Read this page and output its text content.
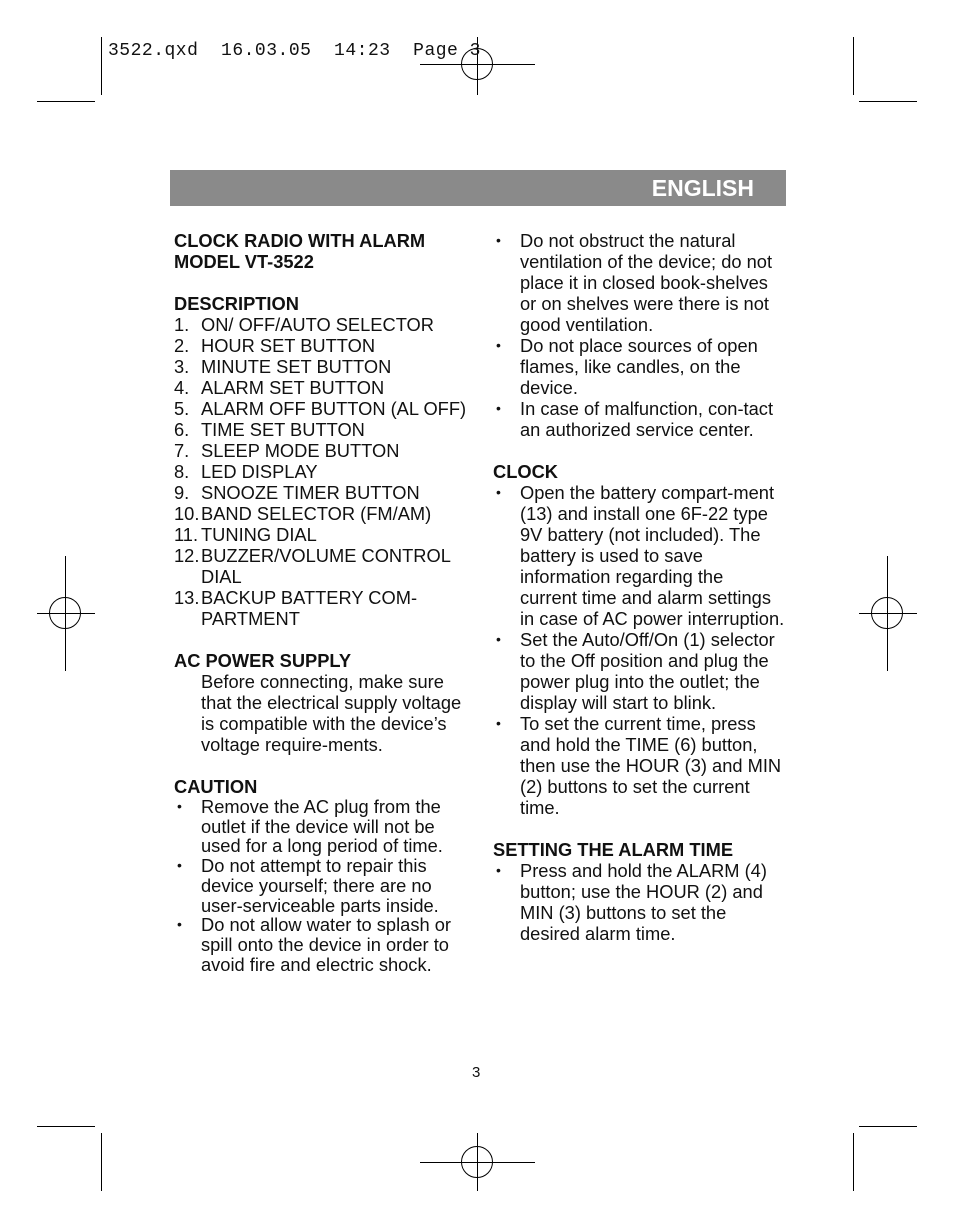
3522.qxd  16.03.05  14:23  Page 3
ENGLISH
CLOCK RADIO WITH ALARM
MODEL VT-3522
DESCRIPTION
1. ON/ OFF/AUTO SELECTOR
2. HOUR SET BUTTON
3. MINUTE SET BUTTON
4. ALARM SET BUTTON
5. ALARM OFF BUTTON (AL OFF)
6. TIME SET BUTTON
7. SLEEP MODE BUTTON
8. LED DISPLAY
9. SNOOZE TIMER BUTTON
10. BAND SELECTOR (FM/AM)
11. TUNING DIAL
12. BUZZER/VOLUME CONTROL DIAL
13. BACKUP BATTERY COM-PARTMENT
AC POWER SUPPLY
Before connecting, make sure that the electrical supply voltage is compatible with the device’s voltage require-ments.
CAUTION
•	Remove the AC plug from the outlet if the device will not be used for a long period of time.
•	Do not attempt to repair this device yourself; there are no user-serviceable parts inside.
•	Do not allow water to splash or spill onto the device in order to avoid fire and electric shock.
•	Do not obstruct the natural ventilation of the device; do not place it in closed book-shelves or on shelves were there is not good ventilation.
•	Do not place sources of open flames, like candles, on the device.
•	In case of malfunction, con-tact an authorized service center.
CLOCK
•	Open the battery compart-ment (13) and install one 6F-22 type 9V battery (not included). The battery is used to save information regarding the current time and alarm settings in case of AC power interruption.
•	Set the Auto/Off/On (1) selector to the Off position and plug the power plug into the outlet; the display will start to blink.
•	To set the current time, press and hold the TIME (6) button, then use the HOUR (3) and MIN (2) buttons to set the current time.
SETTING THE ALARM TIME
•	Press and hold the ALARM (4) button; use the HOUR (2) and MIN (3) buttons to set the desired alarm time.
3
